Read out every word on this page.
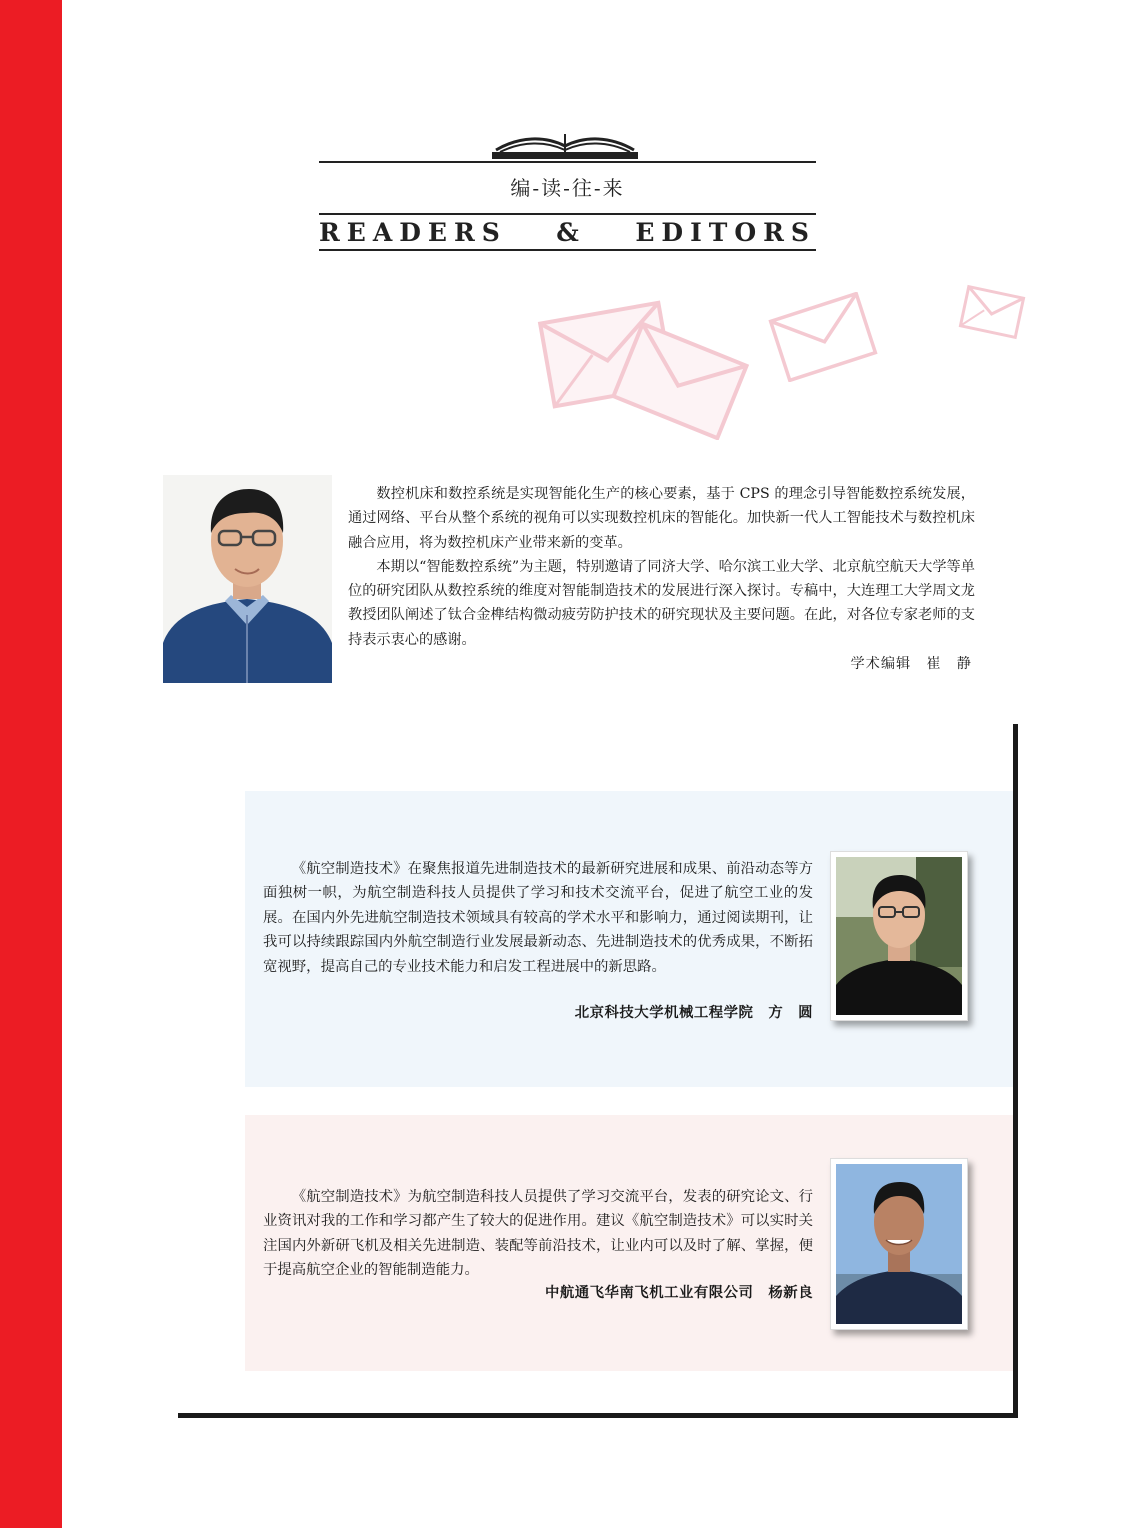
编-读-往-来
READERS & EDITORS

数控机床和数控系统是实现智能化生产的核心要素，基于 CPS 的理念引导智能数控系统发展，通过网络、平台从整个系统的视角可以实现数控机床的智能化。加快新一代人工智能技术与数控机床融合应用，将为数控机床产业带来新的变革。

本期以“智能数控系统”为主题，特别邀请了同济大学、哈尔滨工业大学、北京航空航天大学等单位的研究团队从数控系统的维度对智能制造技术的发展进行深入探讨。专稿中，大连理工大学周文龙教授团队阐述了钛合金榫结构微动疲劳防护技术的研究现状及主要问题。在此，对各位专家老师的支持表示衷心的感谢。

学术编辑　崔　静

《航空制造技术》在聚焦报道先进制造技术的最新研究进展和成果、前沿动态等方面独树一帜，为航空制造科技人员提供了学习和技术交流平台，促进了航空工业的发展。在国内外先进航空制造技术领域具有较高的学术水平和影响力，通过阅读期刊，让我可以持续跟踪国内外航空制造行业发展最新动态、先进制造技术的优秀成果，不断拓宽视野，提高自己的专业技术能力和启发工程进展中的新思路。

北京科技大学机械工程学院　方　圆

《航空制造技术》为航空制造科技人员提供了学习交流平台，发表的研究论文、行业资讯对我的工作和学习都产生了较大的促进作用。建议《航空制造技术》可以实时关注国内外新研飞机及相关先进制造、装配等前沿技术，让业内可以及时了解、掌握，便于提高航空企业的智能制造能力。

中航通飞华南飞机工业有限公司　杨新良
